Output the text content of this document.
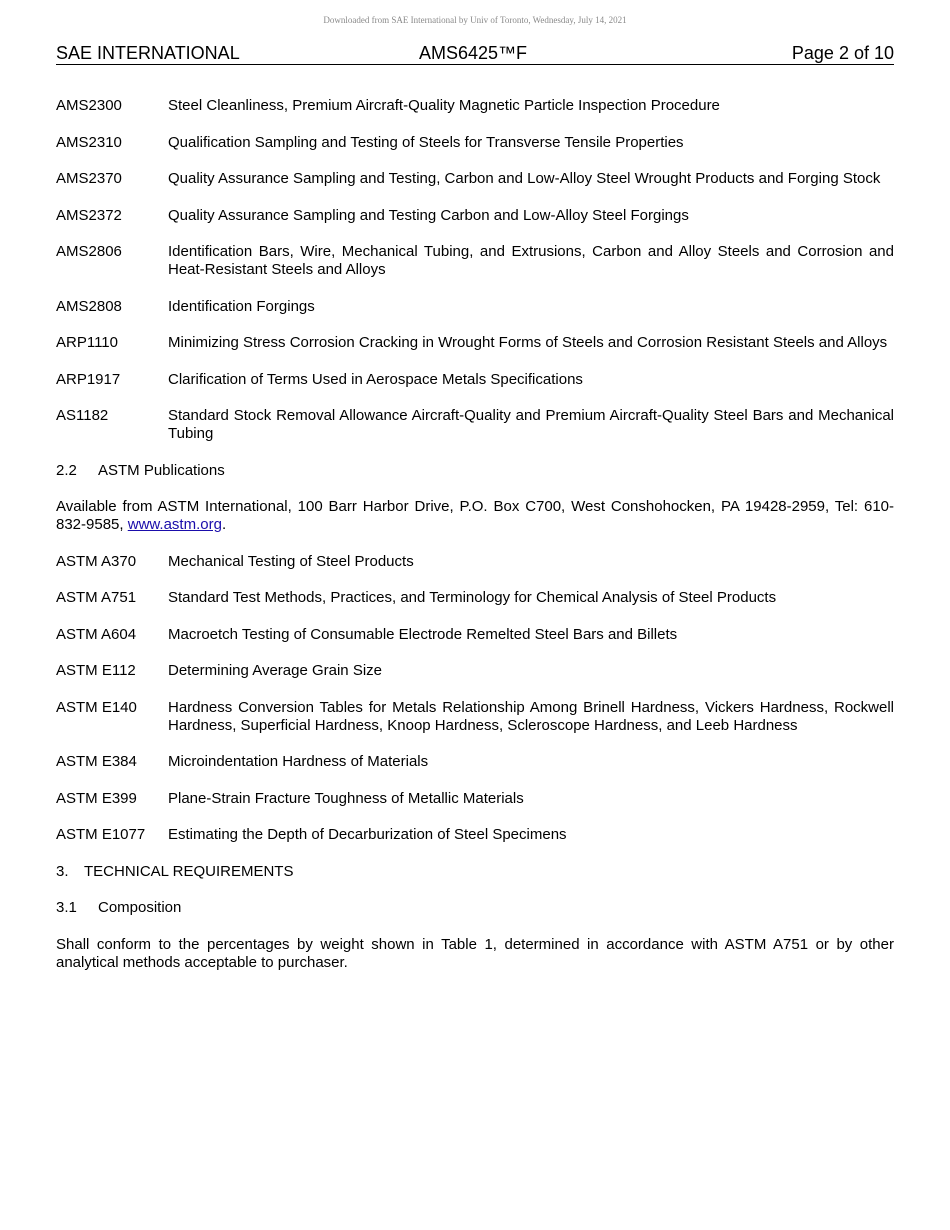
Downloaded from SAE International by Univ of Toronto, Wednesday, July 14, 2021
SAE INTERNATIONAL	AMS6425™F	Page 2 of 10
AMS2300	Steel Cleanliness, Premium Aircraft-Quality Magnetic Particle Inspection Procedure
AMS2310	Qualification Sampling and Testing of Steels for Transverse Tensile Properties
AMS2370	Quality Assurance Sampling and Testing, Carbon and Low-Alloy Steel Wrought Products and Forging Stock
AMS2372	Quality Assurance Sampling and Testing Carbon and Low-Alloy Steel Forgings
AMS2806	Identification Bars, Wire, Mechanical Tubing, and Extrusions, Carbon and Alloy Steels and Corrosion and Heat-Resistant Steels and Alloys
AMS2808	Identification Forgings
ARP1110	Minimizing Stress Corrosion Cracking in Wrought Forms of Steels and Corrosion Resistant Steels and Alloys
ARP1917	Clarification of Terms Used in Aerospace Metals Specifications
AS1182	Standard Stock Removal Allowance Aircraft-Quality and Premium Aircraft-Quality Steel Bars and Mechanical Tubing
2.2 ASTM Publications
Available from ASTM International, 100 Barr Harbor Drive, P.O. Box C700, West Conshohocken, PA 19428-2959, Tel: 610-832-9585, www.astm.org.
ASTM A370	Mechanical Testing of Steel Products
ASTM A751	Standard Test Methods, Practices, and Terminology for Chemical Analysis of Steel Products
ASTM A604	Macroetch Testing of Consumable Electrode Remelted Steel Bars and Billets
ASTM E112	Determining Average Grain Size
ASTM E140	Hardness Conversion Tables for Metals Relationship Among Brinell Hardness, Vickers Hardness, Rockwell Hardness, Superficial Hardness, Knoop Hardness, Scleroscope Hardness, and Leeb Hardness
ASTM E384	Microindentation Hardness of Materials
ASTM E399	Plane-Strain Fracture Toughness of Metallic Materials
ASTM E1077	Estimating the Depth of Decarburization of Steel Specimens
3. TECHNICAL REQUIREMENTS
3.1 Composition
Shall conform to the percentages by weight shown in Table 1, determined in accordance with ASTM A751 or by other analytical methods acceptable to purchaser.
